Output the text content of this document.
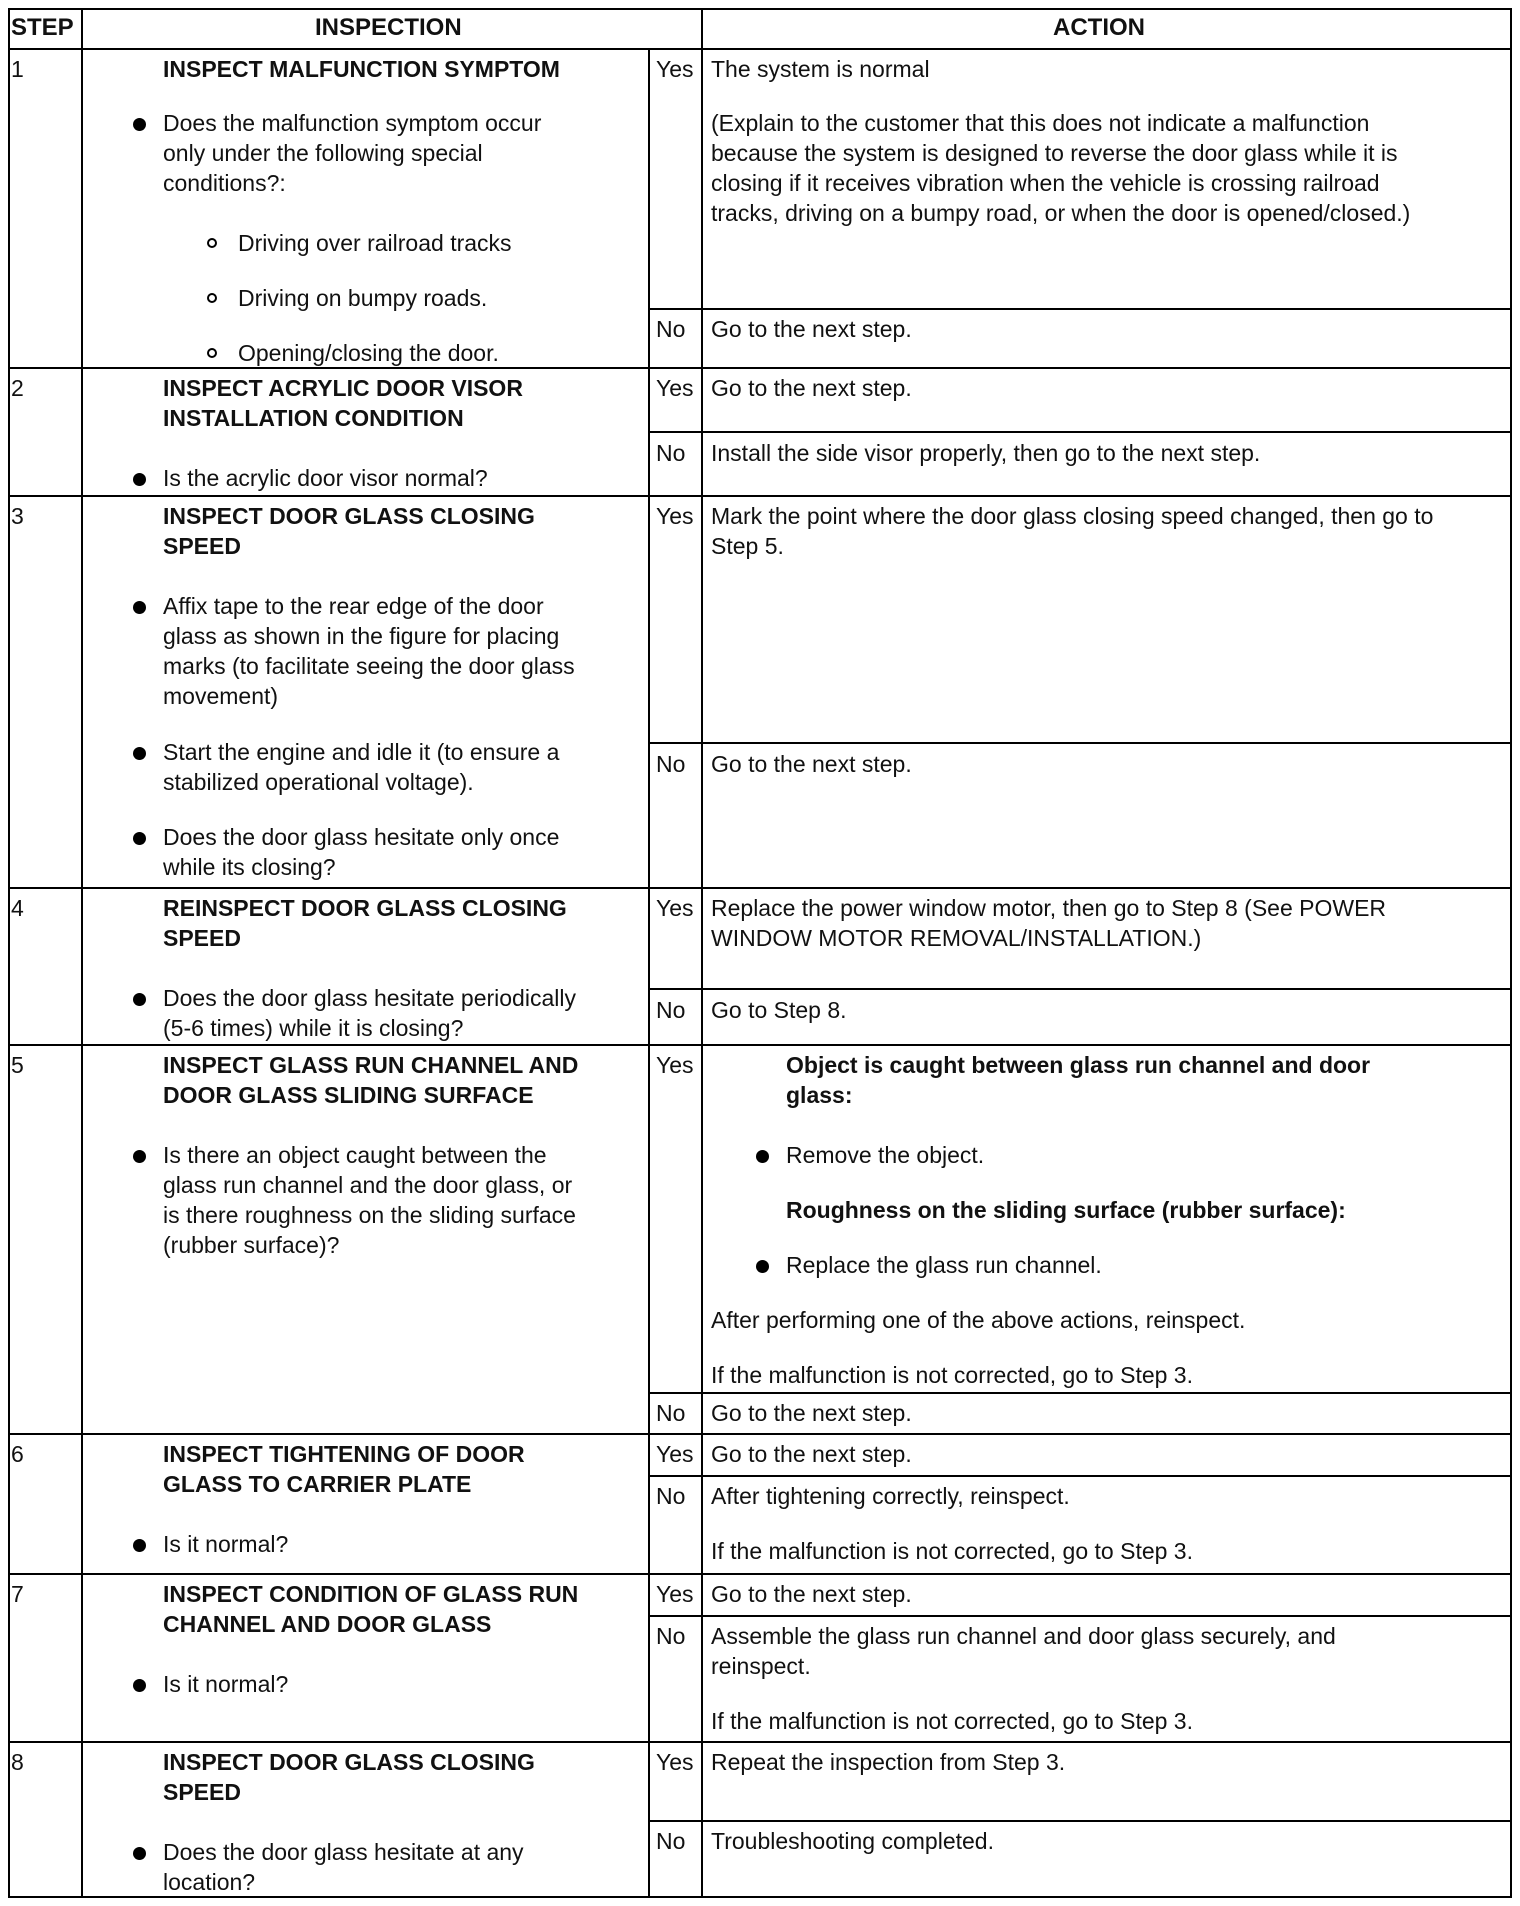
STEP	INSPECTION	ACTION
1	INSPECT MALFUNCTION SYMPTOM
Does the malfunction symptom occur
only under the following special
conditions?:
Driving over railroad tracks
Driving on bumpy roads.
Opening/closing the door.
Yes The system is normal
(Explain to the customer that this does not indicate a malfunction
because the system is designed to reverse the door glass while it is
closing if it receives vibration when the vehicle is crossing railroad
tracks, driving on a bumpy road, or when the door is opened/closed.)
No Go to the next step.
2	INSPECT ACRYLIC DOOR VISOR
INSTALLATION CONDITION
Is the acrylic door visor normal?
Yes Go to the next step.
No Install the side visor properly, then go to the next step.
3	INSPECT DOOR GLASS CLOSING
SPEED
Affix tape to the rear edge of the door
glass as shown in the figure for placing
marks (to facilitate seeing the door glass
movement)
Start the engine and idle it (to ensure a
stabilized operational voltage).
Does the door glass hesitate only once
while its closing?
Yes Mark the point where the door glass closing speed changed, then go to
Step 5.
No Go to the next step.
4	REINSPECT DOOR GLASS CLOSING
SPEED
Does the door glass hesitate periodically
(5-6 times) while it is closing?
Yes Replace the power window motor, then go to Step 8 (See POWER
WINDOW MOTOR REMOVAL/INSTALLATION.)
No Go to Step 8.
5	INSPECT GLASS RUN CHANNEL AND
DOOR GLASS SLIDING SURFACE
Is there an object caught between the
glass run channel and the door glass, or
is there roughness on the sliding surface
(rubber surface)?
Yes	Object is caught between glass run channel and door
glass:
Remove the object.
Roughness on the sliding surface (rubber surface):
Replace the glass run channel.
After performing one of the above actions, reinspect.
If the malfunction is not corrected, go to Step 3.
No Go to the next step.
6	INSPECT TIGHTENING OF DOOR
GLASS TO CARRIER PLATE
Is it normal?
Yes Go to the next step.
No After tightening correctly, reinspect.
If the malfunction is not corrected, go to Step 3.
7	INSPECT CONDITION OF GLASS RUN
CHANNEL AND DOOR GLASS
Is it normal?
Yes Go to the next step.
No Assemble the glass run channel and door glass securely, and
reinspect.
If the malfunction is not corrected, go to Step 3.
8	INSPECT DOOR GLASS CLOSING
SPEED
Does the door glass hesitate at any
location?
Yes Repeat the inspection from Step 3.
No Troubleshooting completed.
